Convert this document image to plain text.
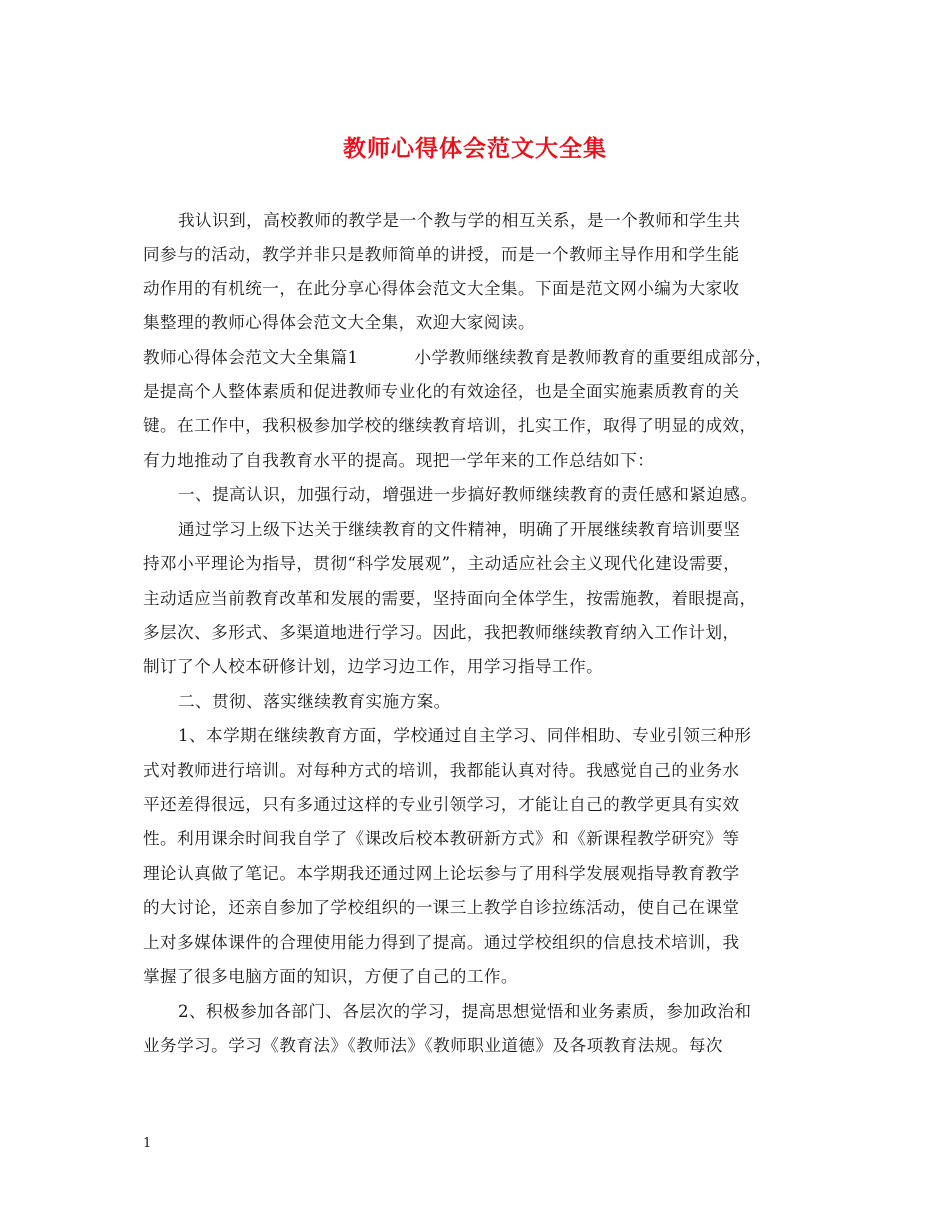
教师心得体会范文大全集
我认识到，高校教师的教学是一个教与学的相互关系，是一个教师和学生共
同参与的活动，教学并非只是教师简单的讲授，而是一个教师主导作用和学生能
动作用的有机统一，在此分享心得体会范文大全集。下面是范文网小编为大家收
集整理的教师心得体会范文大全集，欢迎大家阅读。
教师心得体会范文大全集篇1	小学教师继续教育是教师教育的重要组成部分，
是提高个人整体素质和促进教师专业化的有效途径，也是全面实施素质教育的关
键。在工作中，我积极参加学校的继续教育培训，扎实工作，取得了明显的成效，
有力地推动了自我教育水平的提高。现把一学年来的工作总结如下：
一、提高认识，加强行动，增强进一步搞好教师继续教育的责任感和紧迫感。
通过学习上级下达关于继续教育的文件精神，明确了开展继续教育培训要坚
持邓小平理论为指导，贯彻“科学发展观”，主动适应社会主义现代化建设需要，
主动适应当前教育改革和发展的需要，坚持面向全体学生，按需施教，着眼提高，
多层次、多形式、多渠道地进行学习。因此，我把教师继续教育纳入工作计划，
制订了个人校本研修计划，边学习边工作，用学习指导工作。
二、贯彻、落实继续教育实施方案。
1、本学期在继续教育方面，学校通过自主学习、同伴相助、专业引领三种形
式对教师进行培训。对每种方式的培训，我都能认真对待。我感觉自己的业务水
平还差得很远，只有多通过这样的专业引领学习，才能让自己的教学更具有实效
性。利用课余时间我自学了《课改后校本教研新方式》和《新课程教学研究》等
理论认真做了笔记。本学期我还通过网上论坛参与了用科学发展观指导教育教学
的大讨论，还亲自参加了学校组织的一课三上教学自诊拉练活动，使自己在课堂
上对多媒体课件的合理使用能力得到了提高。通过学校组织的信息技术培训，我
掌握了很多电脑方面的知识，方便了自己的工作。
2、积极参加各部门、各层次的学习，提高思想觉悟和业务素质，参加政治和
业务学习。学习《教育法》《教师法》《教师职业道德》及各项教育法规。每次
1
